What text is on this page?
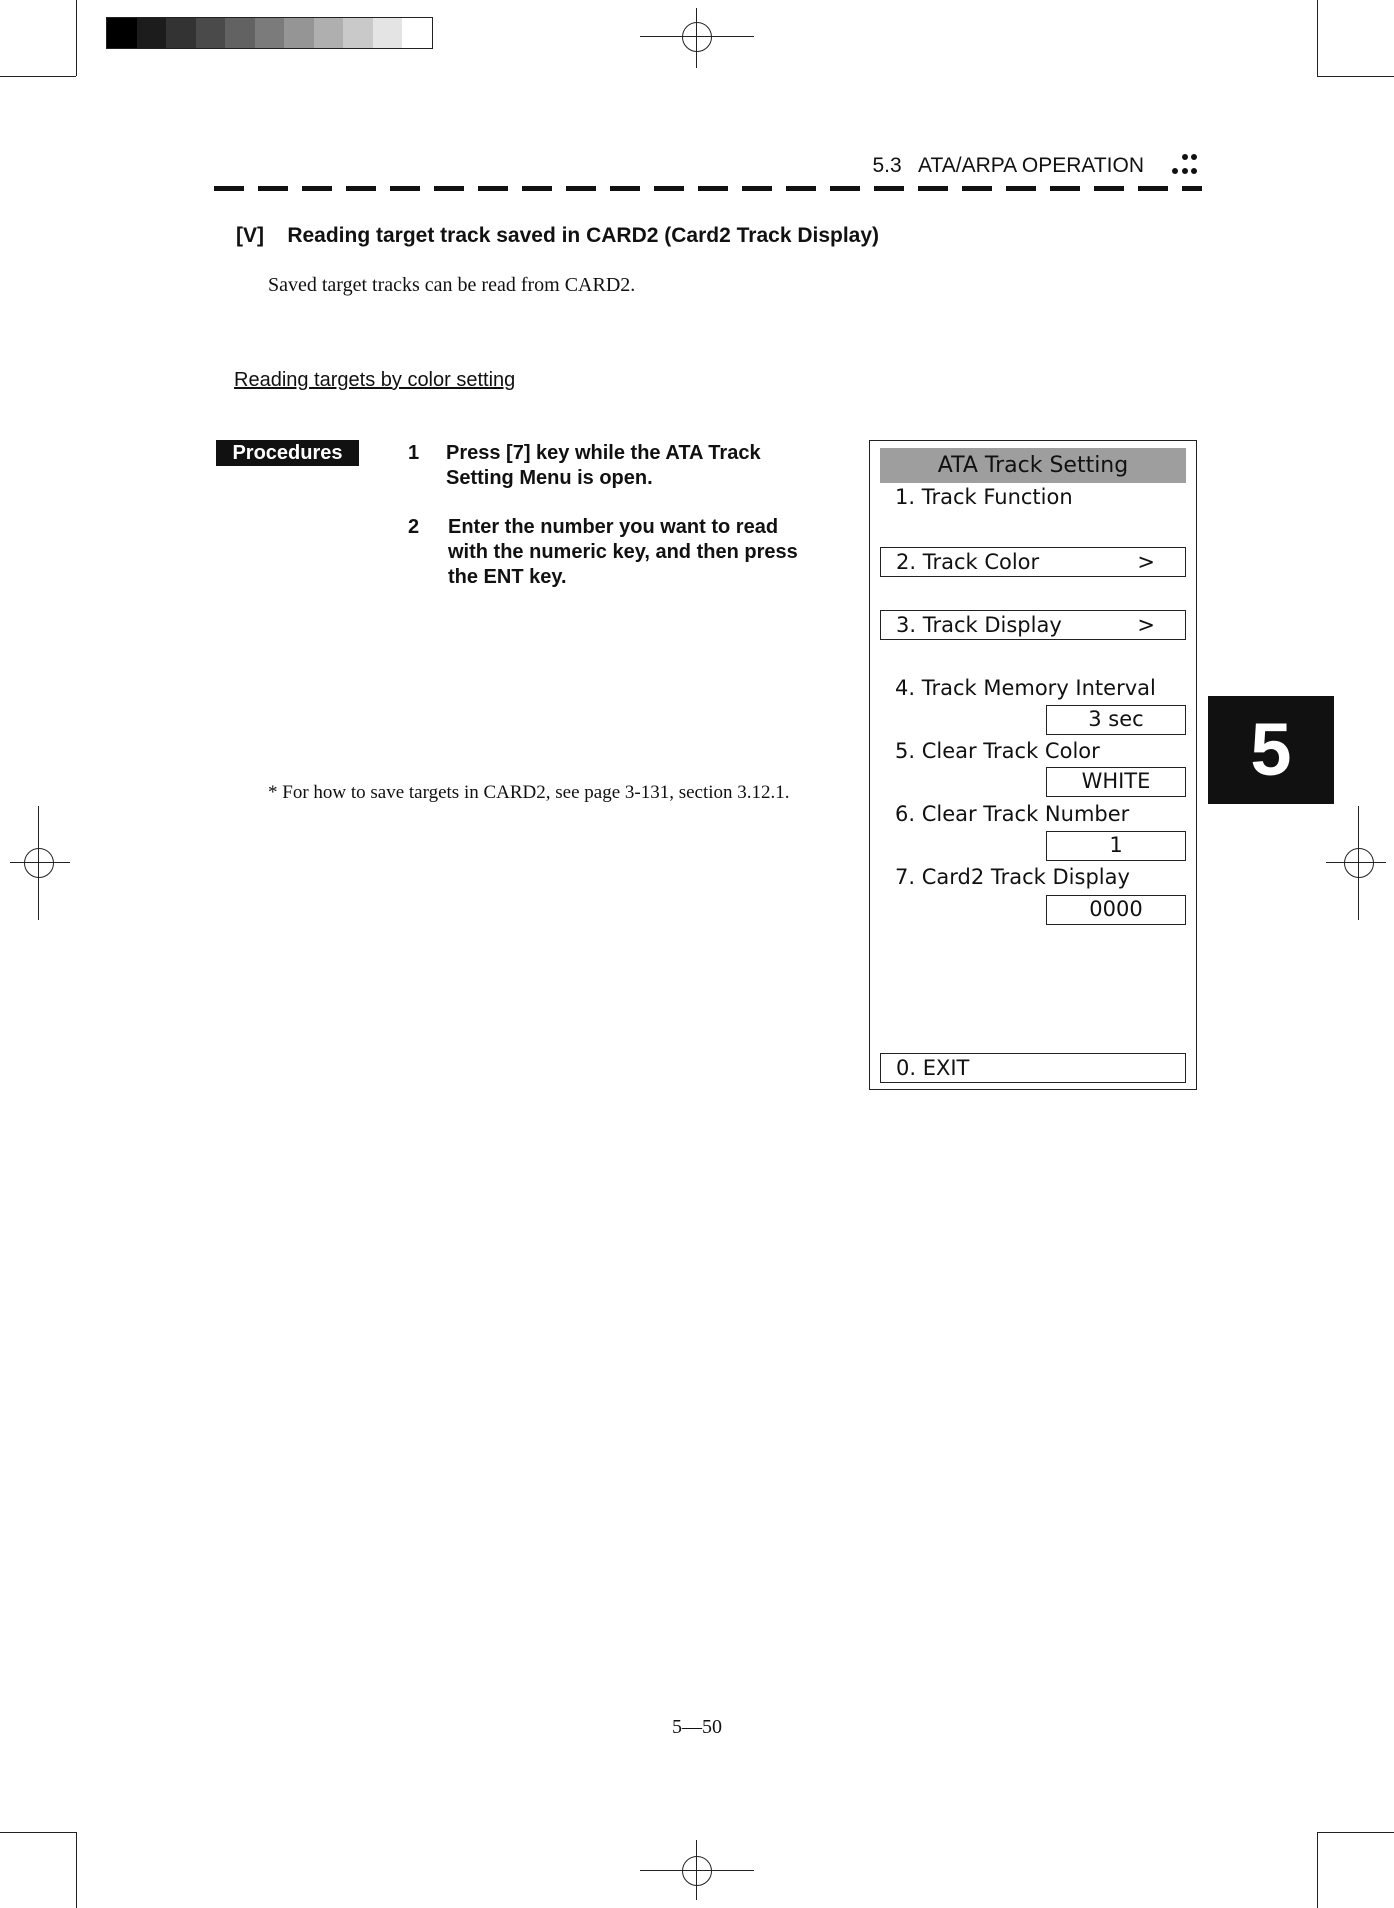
5.3   ATA/ARPA OPERATION
[V]    Reading target track saved in CARD2 (Card2 Track Display)
Saved target tracks can be read from CARD2.
Reading targets by color setting
Procedures	1 Press [7] key while the ATA Track
Setting Menu is open.
2 Enter the number you want to read
with the numeric key, and then press
the ENT key.
* For how to save targets in CARD2, see page 3-131, section 3.12.1.
ATA Track Setting
1. Track Function
2. Track Color	>
3. Track Display	>
4. Track Memory Interval
3 sec
5. Clear Track Color
WHITE
6. Clear Track Number
1
7. Card2 Track Display
0000
0. EXIT
5
5—50
